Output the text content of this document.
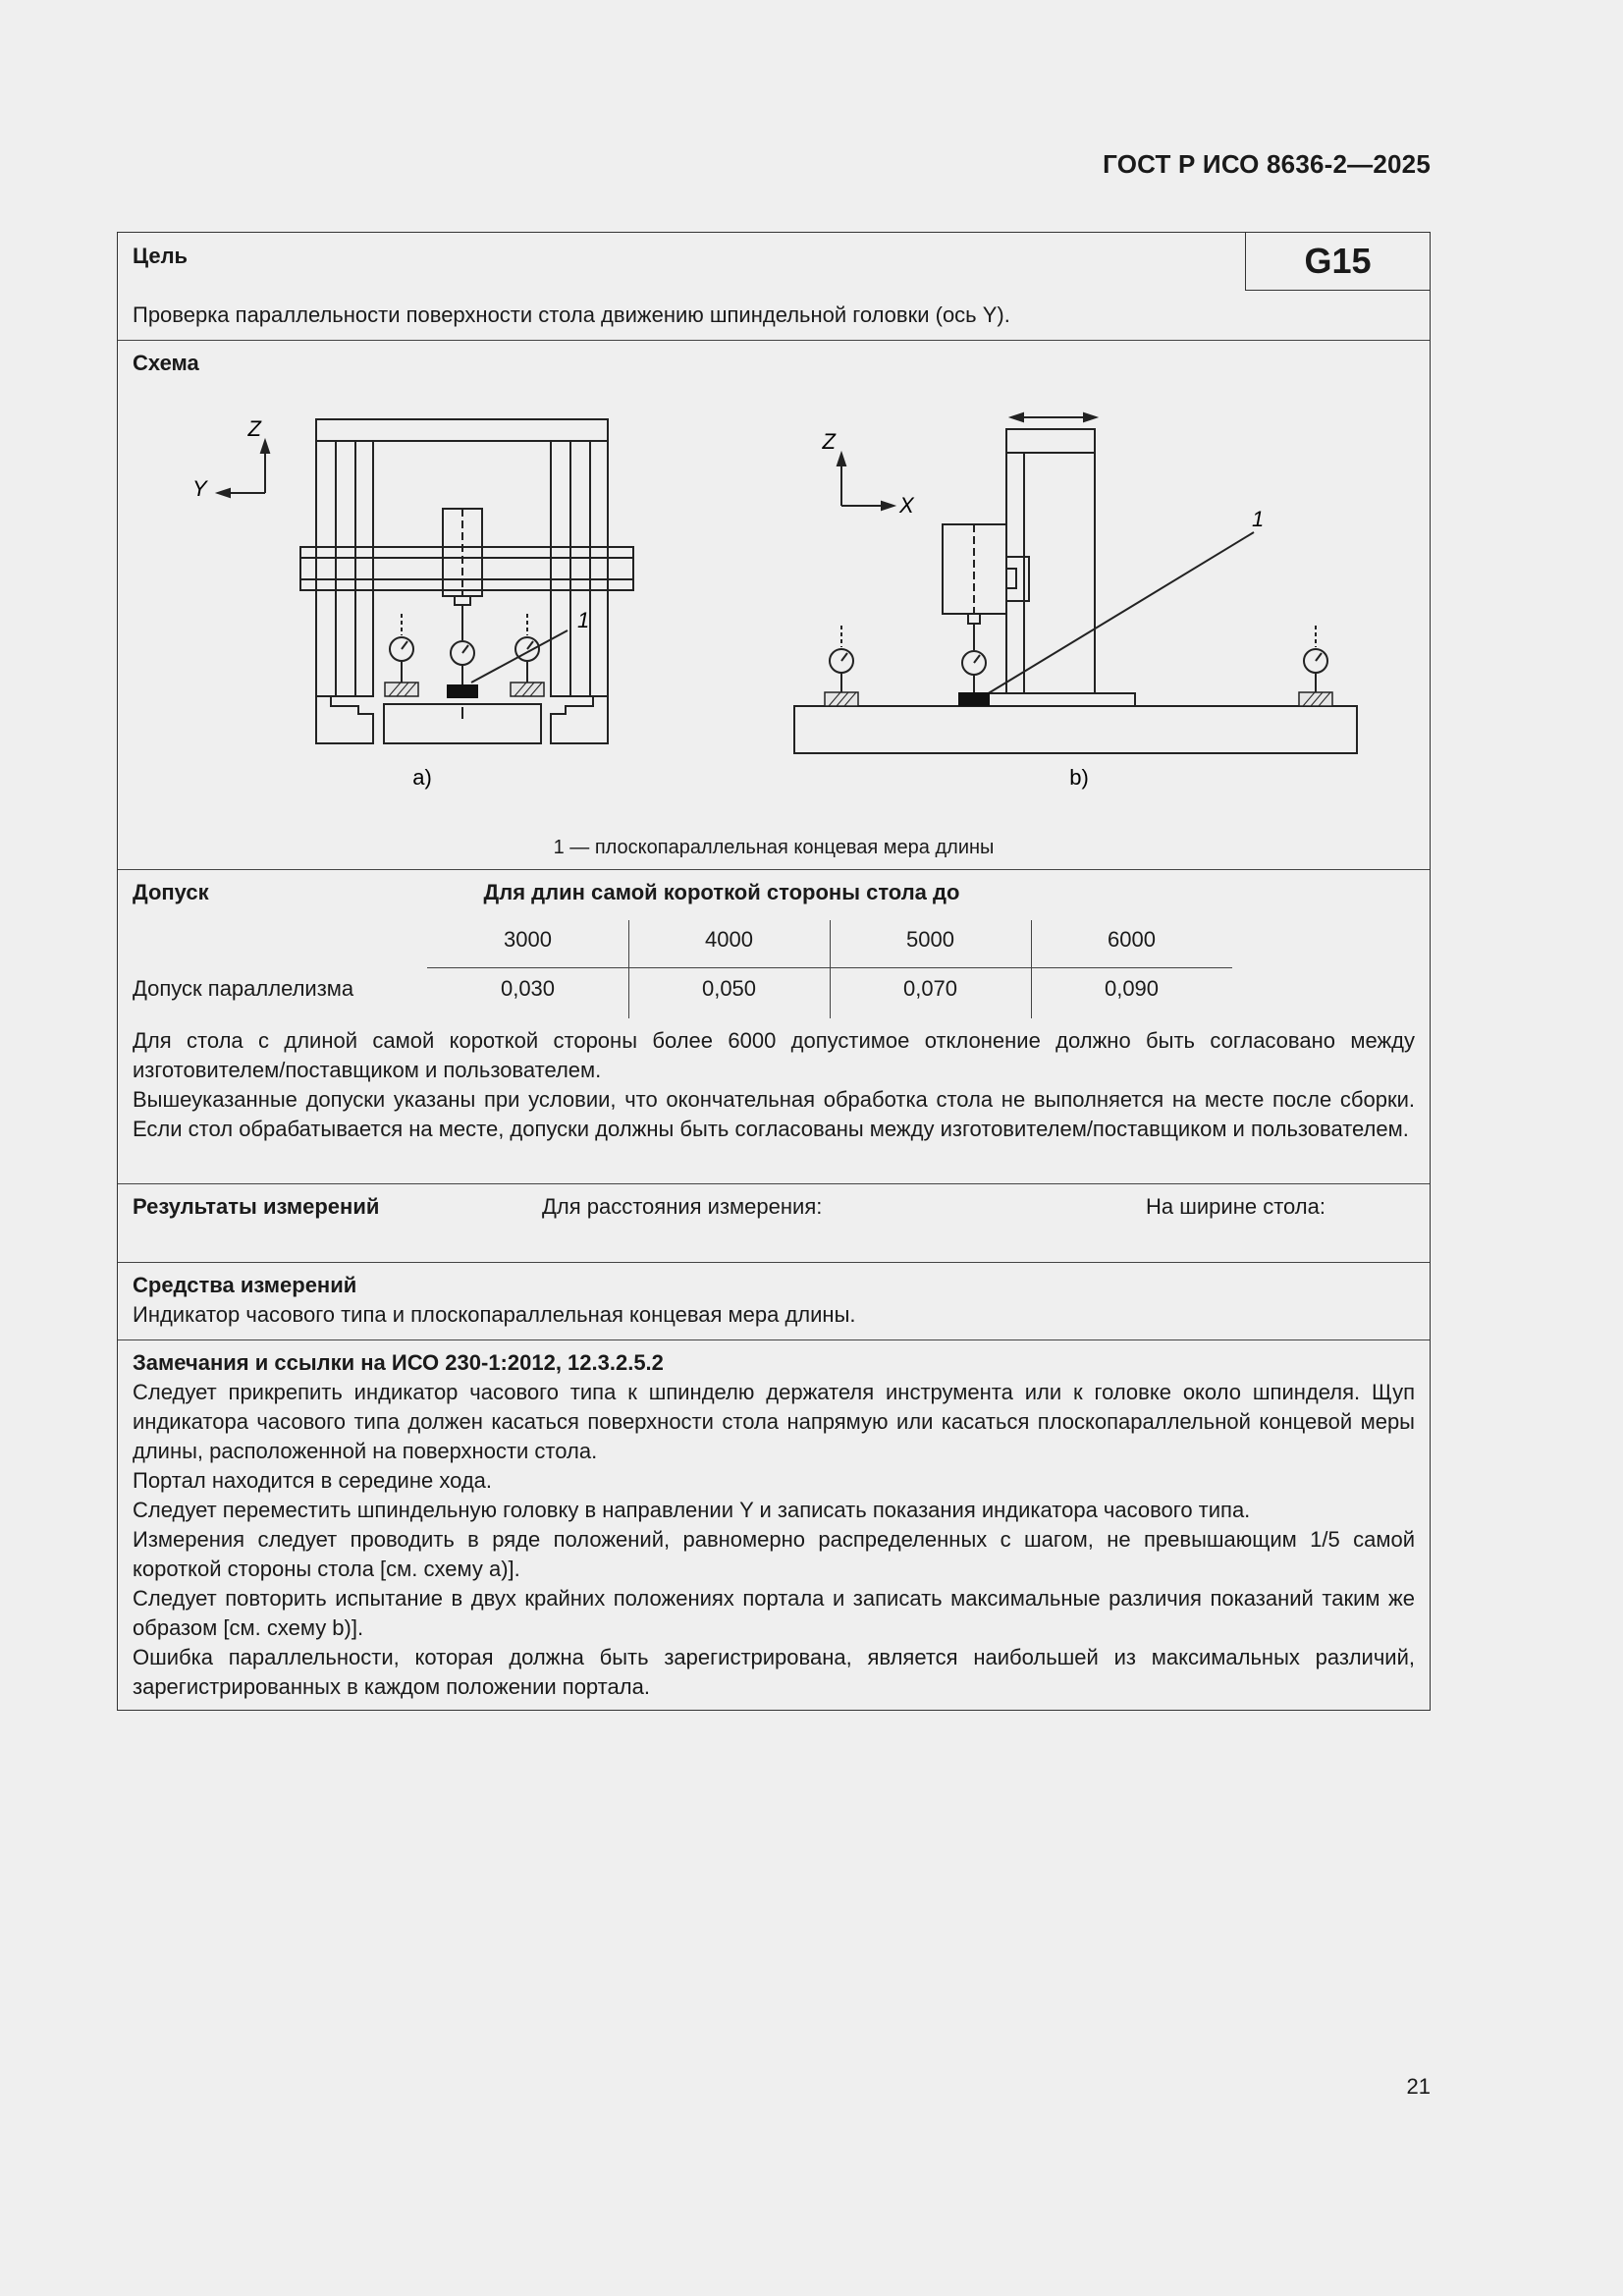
ГОСТ Р ИСО 8636-2—2025
Цель	G15
Проверка параллельности поверхности стола движению шпиндельной головки (ось Y).
Схема
Z
Y
1
a)
Z
X
1
b)
1 — плоскопараллельная концевая мера длины
Допуск	Для длин самой короткой стороны стола до
3000	4000	5000	6000
Допуск параллелизма	0,030	0,050	0,070	0,090

Для стола с длиной самой короткой стороны более 6000 допустимое отклонение должно быть согласовано между изготовителем/поставщиком и пользователем.

Вышеуказанные допуски указаны при условии, что окончательная обработка стола не выполняется на месте после сборки. Если стол обрабатывается на месте, допуски должны быть согласованы между изготовителем/поставщиком и пользователем.

Результаты измерений	Для расстояния измерения:	На ширине стола:
Средства измерений
Индикатор часового типа и плоскопараллельная концевая мера длины.
Замечания и ссылки на ИСО 230-1:2012, 12.3.2.5.2

Следует прикрепить индикатор часового типа к шпинделю держателя инструмента или к головке около шпинделя. Щуп индикатора часового типа должен касаться поверхности стола напрямую или касаться плоскопараллельной концевой меры длины, расположенной на поверхности стола.

Портал находится в середине хода.

Следует переместить шпиндельную головку в направлении Y и записать показания индикатора часового типа.

Измерения следует проводить в ряде положений, равномерно распределенных с шагом, не превышающим 1/5 самой короткой стороны стола [см. схему a)].

Следует повторить испытание в двух крайних положениях портала и записать максимальные различия показаний таким же образом [см. схему b)].

Ошибка параллельности, которая должна быть зарегистрирована, является наибольшей из максимальных различий, зарегистрированных в каждом положении портала.

21
